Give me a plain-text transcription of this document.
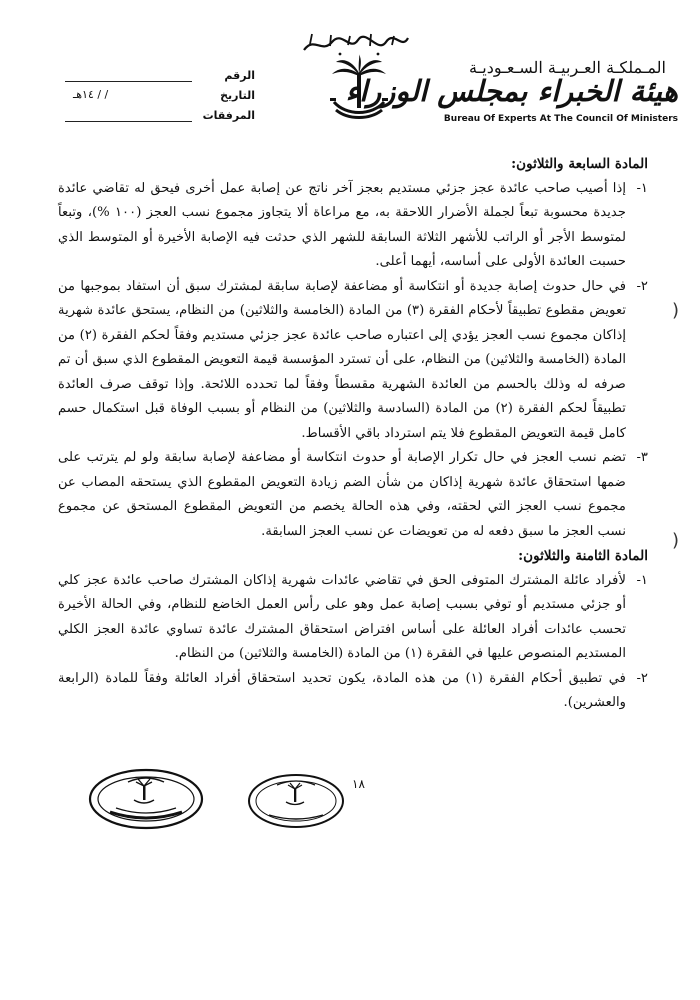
المـملكـة العـربيـة السـعـوديـة
هيئة الخبراء بمجلس الوزراء
Bureau Of Experts At The Council Of Ministers
الرقم
التاريخ
/ / ١٤هـ
المرفقات
المادة السابعة والثلاثون:
١-
إذا أصيب صاحب عائدة عجز جزئي مستديم بعجز آخر ناتج عن إصابة عمل أخرى فيحق له تقاضي عائدة جديدة محسوبة تبعاً لجملة الأضرار اللاحقة به، مع مراعاة ألا يتجاوز مجموع نسب العجز (١٠٠ %)، وتبعاً لمتوسط الأجر أو الراتب للأشهر الثلاثة السابقة للشهر الذي حدثت فيه الإصابة الأخيرة أو المتوسط الذي حسبت العائدة الأولى على أساسه، أيهما أعلى.
٢-
في حال حدوث إصابة جديدة أو انتكاسة أو مضاعفة لإصابة سابقة لمشترك سبق أن استفاد بموجبها من تعويض مقطوع تطبيقاً لأحكام الفقرة (٣) من المادة (الخامسة والثلاثين) من النظام، يستحق عائدة شهرية إذاكان مجموع نسب العجز يؤدي إلى اعتباره صاحب عائدة عجز جزئي مستديم وفقاً لحكم الفقرة (٢) من المادة (الخامسة والثلاثين) من النظام، على أن تسترد المؤسسة قيمة التعويض المقطوع الذي سبق أن تم صرفه له وذلك بالحسم من العائدة الشهرية مقسطاً وفقاً لما تحدده اللائحة. وإذا توقف صرف العائدة تطبيقاً لحكم الفقرة (٢) من المادة (السادسة والثلاثين) من النظام أو بسبب الوفاة قبل استكمال حسم كامل قيمة التعويض المقطوع فلا يتم استرداد باقي الأقساط.
٣-
تضم نسب العجز في حال تكرار الإصابة أو حدوث انتكاسة أو مضاعفة لإصابة سابقة ولو لم يترتب على ضمها استحقاق عائدة شهرية إذاكان من شأن الضم زيادة التعويض المقطوع الذي يستحقه المصاب عن مجموع نسب العجز التي لحقته، وفي هذه الحالة يخصم من التعويض المقطوع المستحق عن مجموع نسب العجز ما سبق دفعه له من تعويضات عن نسب العجز السابقة.
المادة الثامنة والثلاثون:
١-
لأفراد عائلة المشترك المتوفى الحق في تقاضي عائدات شهرية إذاكان المشترك صاحب عائدة عجز كلي أو جزئي مستديم أو توفي بسبب إصابة عمل وهو على رأس العمل الخاضع للنظام، وفي الحالة الأخيرة تحسب عائدات أفراد العائلة على أساس افتراض استحقاق المشترك عائدة تساوي عائدة العجز الكلي المستديم المنصوص عليها في الفقرة (١) من المادة (الخامسة والثلاثين) من النظام.
٢-
في تطبيق أحكام الفقرة (١) من هذه المادة، يكون تحديد استحقاق أفراد العائلة وفقاً للمادة (الرابعة والعشرين).
)
)
١٨
